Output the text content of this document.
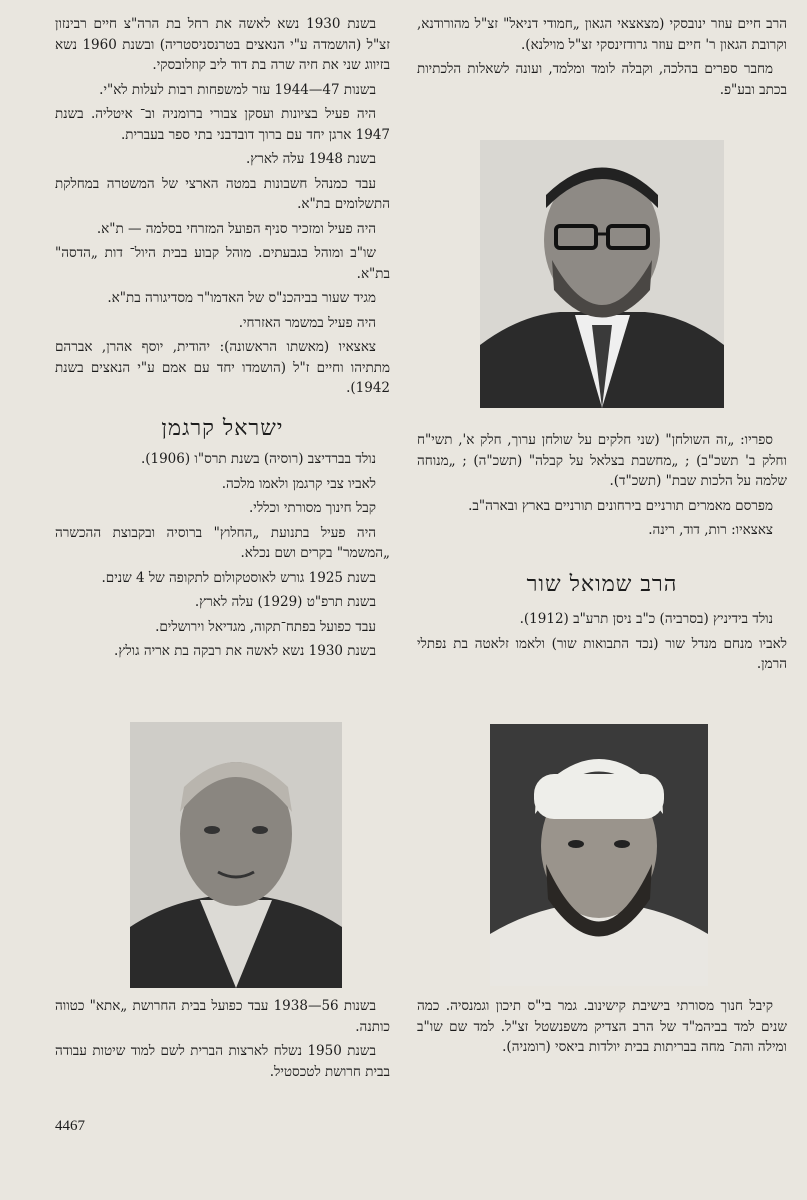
הרב חיים עוזר ינובסקי (מצאצאי הגאון „חמודי דניאל" זצ"ל מהורודנא, וקרובת הגאון ר' חיים עוזר גרודזינסקי זצ"ל מוילנא).

מחבר ספרים בהלכה, וקבלה לומד ומלמד, ועונה לשאלות הלכתיות בכתב ובע"פ.

ספריו: „זה השולחן" (שני חלקים על שולחן ערוך, חלק א', תשי"ח וחלק ב' תשכ"ב) ; „מחשבת בצלאל על קבלה" (תשכ"ה) ; „מנוחה שלמה על הלכות שבת" (תשכ"ד).

מפרסם מאמרים תורניים בירחונים תורניים בארץ ובארה"ב.

צאצאיו: רות, דוד, רינה.

הרב שמואל שור

נולד בידיניץ (בסרביה) כ"ב ניסן תרע"ב (1912).

לאביו מנחם מנדל שור (נכד התבואות שור) ולאמו זלאטה בת נפתלי הרמן.

קיבל חנוך מסורתי בישיבת קישינוב. גמר בי"ס תיכון וגמנסיה. כמה שנים למד בביהמ"ד של הרב הצדיק משפנשטל זצ"ל. למד שם שו"ב ומילה והת־ מחה בבריתות בבית יולדות ביאסי (רומניה).

בשנת 1930 נשא לאשה את רחל בת הרה"צ חיים רבינזון זצ"ל (הושמדה ע"י הנאצים בטרנסניסטריה) ובשנת 1960 נשא בזיווג שני את חיה שרה בת דוד ליב קוזלובסקי.

בשנות 47—1944 עזר למשפחות רבות לעלות לא"י.

היה פעיל בציונות ועסקן צבורי ברומניה וב־ איטליה. בשנת 1947 ארגן יחד עם ברוך דובדבני בתי ספר בעברית.

בשנת 1948 עלה לארץ.

עבד כמנהל חשבונות במטה הארצי של המשטרה במחלקת התשלומים בת"א.

היה פעיל ומזכיר סניף הפועל המזרחי בסלמה — ת"א.

שו"ב ומוהל בגבעתים. מוהל קבוע בבית היול־ דות „הדסה" בת"א.

מגיד שעור בביהכנ"ס של האדמו"ר מסדיגורה בת"א.

היה פעיל במשמר האזרחי.

צאצאיו (מאשתו הראשונה): יהודית, יוסף אהרן, אברהם מתתיהו וחיים ז"ל (הושמדו יחד עם אמם ע"י הנאצים בשנת 1942).

ישראל קרגמן

נולד בברדיצב (רוסיה) בשנת תרס"ו (1906).

לאביו צבי קרגמן ולאמו מלכה.

קבל חינוך מסורתי וכללי.

היה פעיל בתנועת „החלוץ" ברוסיה ובקבוצת ההכשרה „המשמר" בקרים ושם נכלא.

בשנת 1925 גורש לאוסטקולום לתקופה של 4 שנים.

בשנת תרפ"ט (1929) עלה לארץ.

עבד כפועל בפתח־תקוה, מגדיאל וירושלים.

בשנת 1930 נשא לאשה את רבקה בת אריה גולץ.

בשנות 56—1938 עבד כפועל בבית החרושת „אתא" כטווה כותנה.

בשנת 1950 נשלח לארצות הברית לשם למוד שיטות עבודה בבית חרושת לטכסטיל.

4467
